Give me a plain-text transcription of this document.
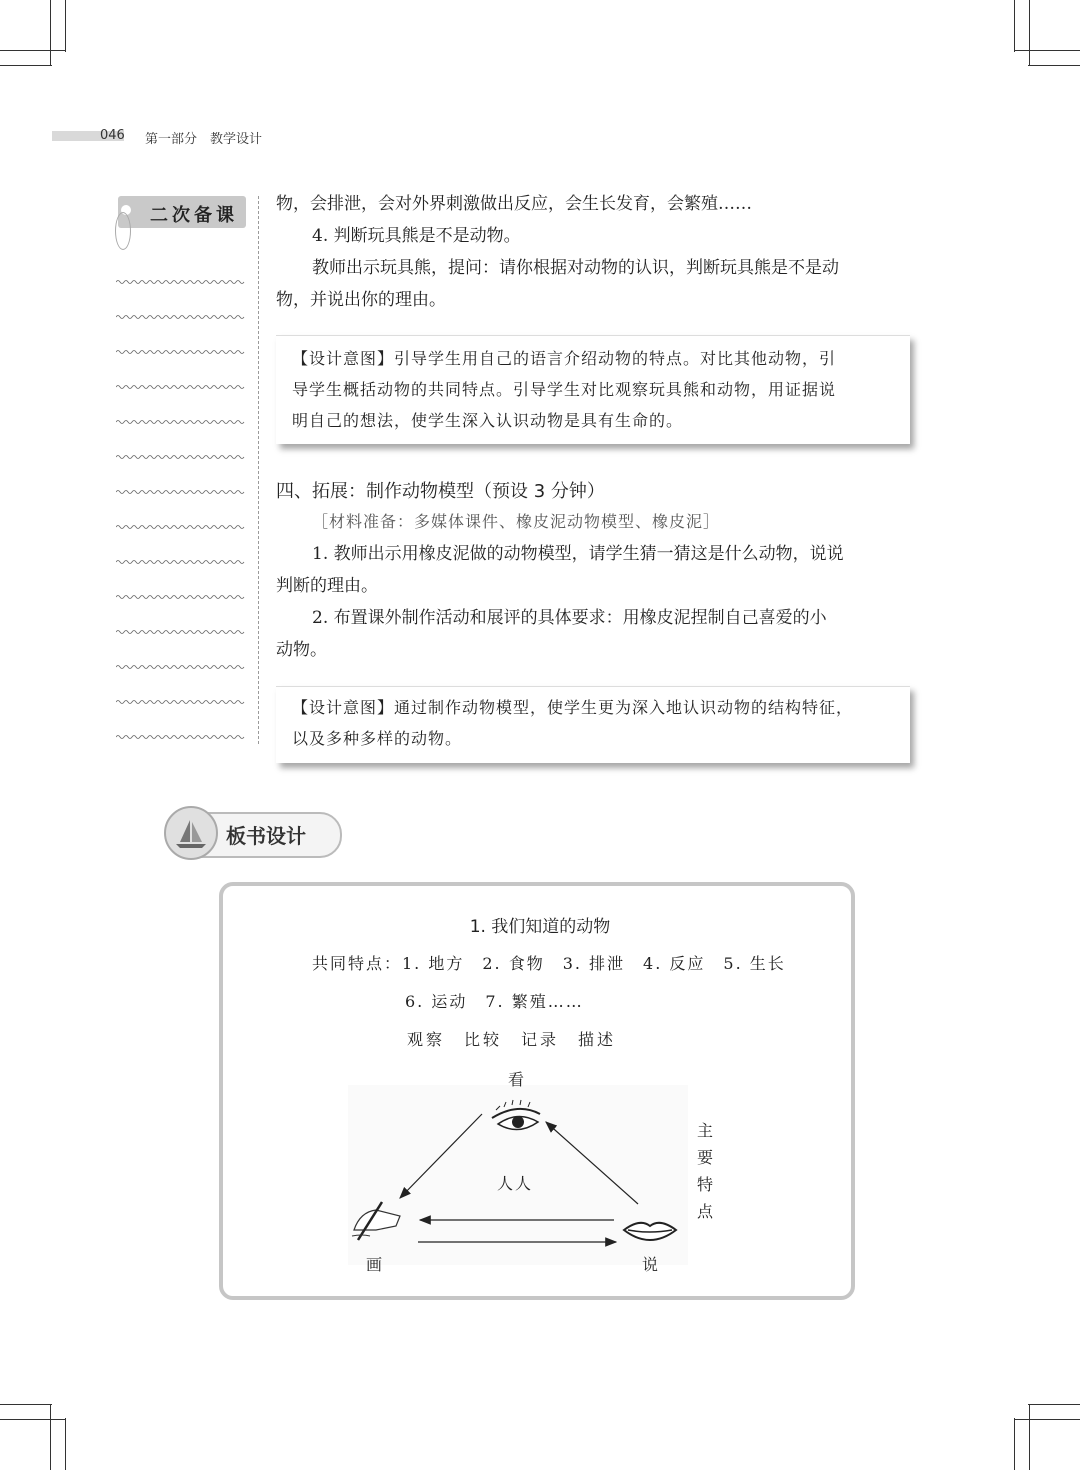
046 第一部分　教学设计
二次备课
物，会排泄，会对外界刺激做出反应，会生长发育，会繁殖……
4. 判断玩具熊是不是动物。
教师出示玩具熊，提问：请你根据对动物的认识，判断玩具熊是不是动
物，并说出你的理由。
【设计意图】引导学生用自己的语言介绍动物的特点。对比其他动物，引
导学生概括动物的共同特点。引导学生对比观察玩具熊和动物，用证据说
明自己的想法，使学生深入认识动物是具有生命的。
四、拓展：制作动物模型（预设 3 分钟）
［材料准备：多媒体课件、橡皮泥动物模型、橡皮泥］
1. 教师出示用橡皮泥做的动物模型，请学生猜一猜这是什么动物，说说
判断的理由。
2. 布置课外制作活动和展评的具体要求：用橡皮泥捏制自己喜爱的小
动物。
【设计意图】通过制作动物模型，使学生更为深入地认识动物的结构特征，
以及多种多样的动物。
板书设计
1. 我们知道的动物
共同特点：1. 地方　2. 食物　3. 排泄　4. 反应　5. 生长
6. 运动　7. 繁殖……
观察　比较　记录　描述
看
人人
画	说
主要特点
